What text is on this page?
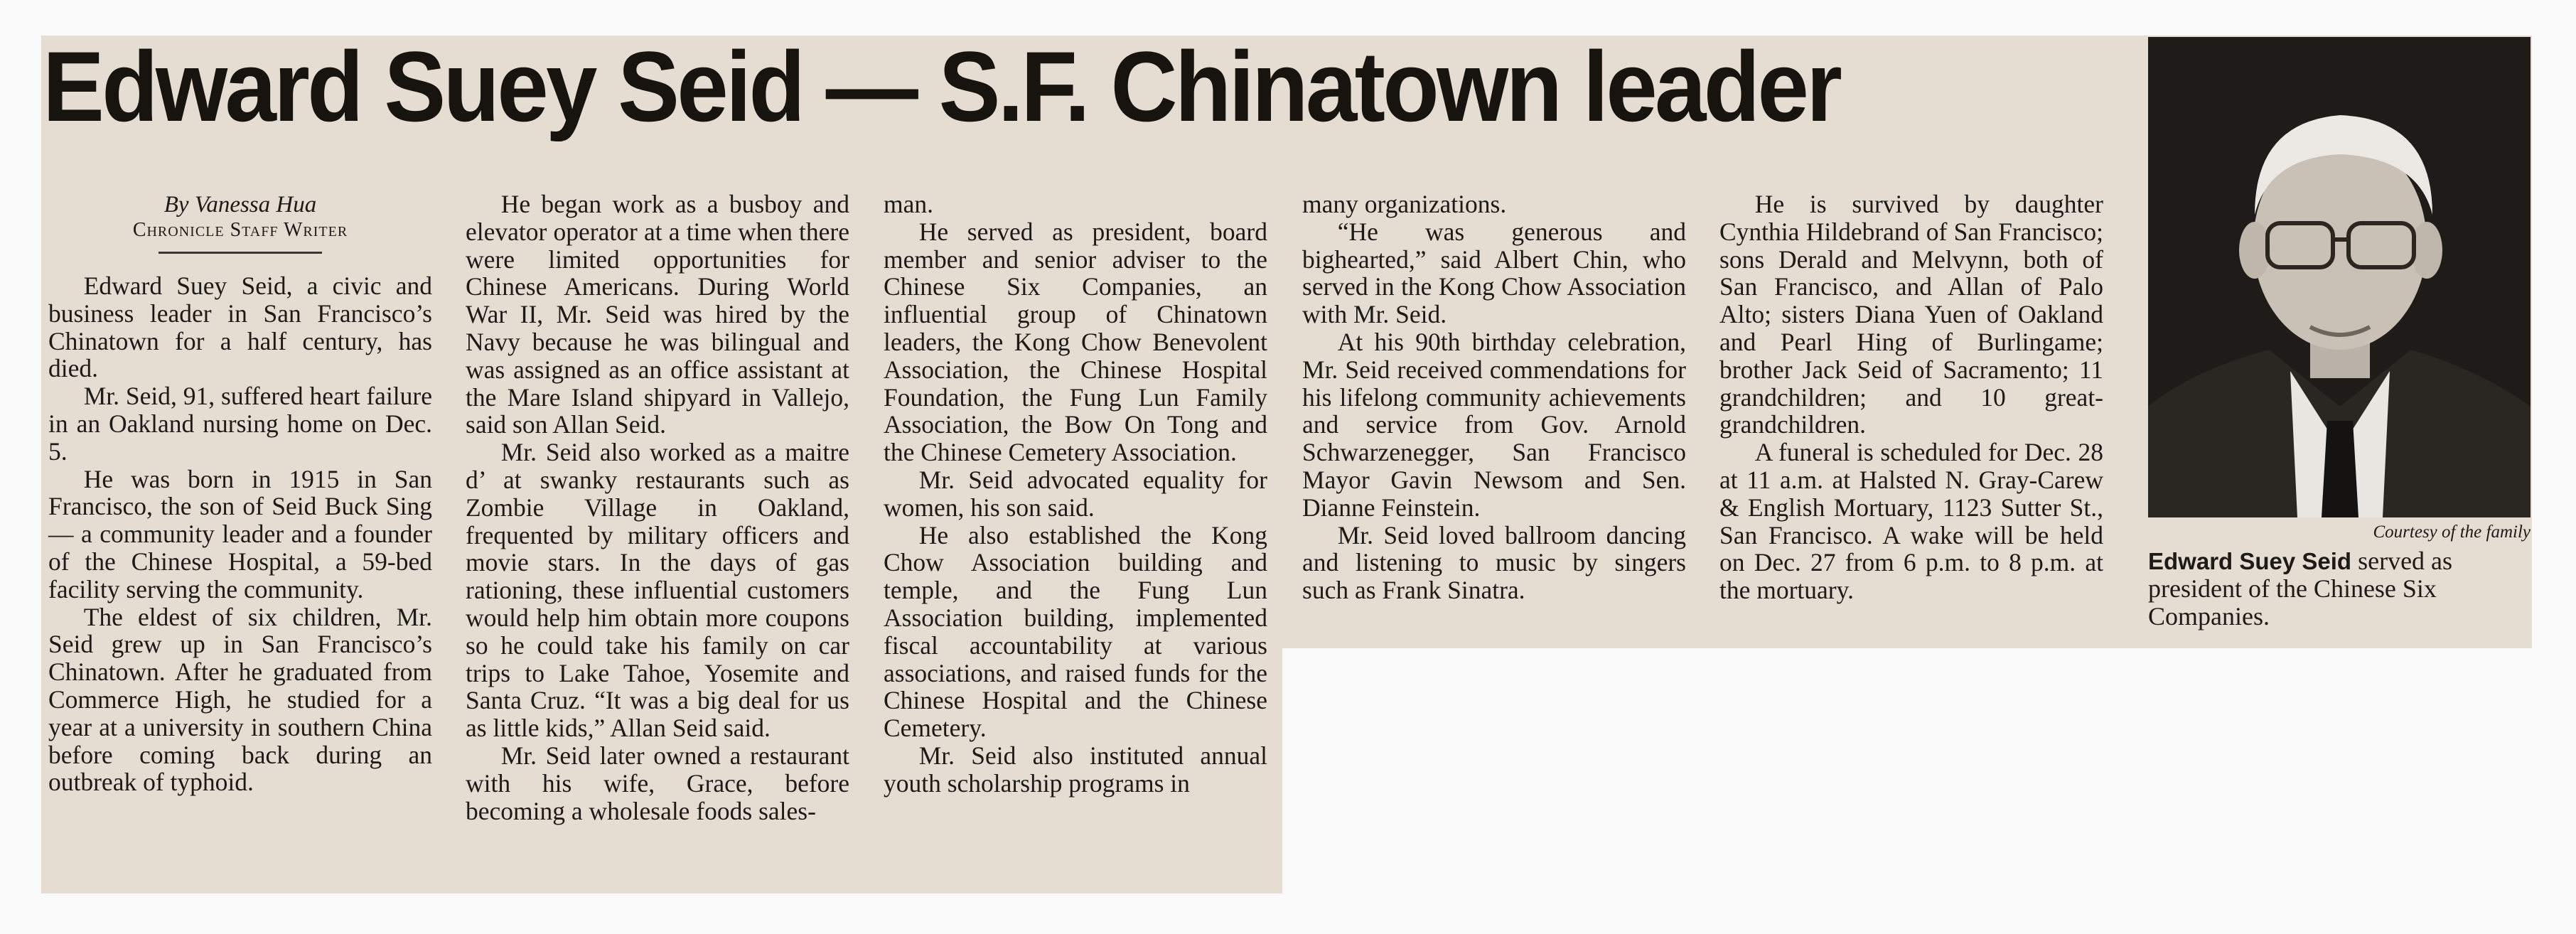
Edward Suey Seid — S.F. Chinatown leader
By Vanessa Hua
Chronicle Staff Writer

Edward Suey Seid, a civic and business leader in San Francisco’s Chinatown for a half century, has died.

Mr. Seid, 91, suffered heart failure in an Oakland nursing home on Dec. 5.

He was born in 1915 in San Francisco, the son of Seid Buck Sing — a community leader and a founder of the Chinese Hospital, a 59-bed facility serving the community.

The eldest of six children, Mr. Seid grew up in San Francisco’s Chinatown. After he graduated from Commerce High, he studied for a year at a university in southern China before coming back during an outbreak of typhoid.

He began work as a busboy and elevator operator at a time when there were limited opportunities for Chinese Americans. During World War II, Mr. Seid was hired by the Navy because he was bilingual and was assigned as an office assistant at the Mare Island shipyard in Vallejo, said son Allan Seid.

Mr. Seid also worked as a maitre d’ at swanky restaurants such as Zombie Village in Oakland, frequented by military officers and movie stars. In the days of gas rationing, these influential customers would help him obtain more coupons so he could take his family on car trips to Lake Tahoe, Yosemite and Santa Cruz. “It was a big deal for us as little kids,” Allan Seid said.

Mr. Seid later owned a restaurant with his wife, Grace, before becoming a wholesale foods sales-

man.

He served as president, board member and senior adviser to the Chinese Six Companies, an influential group of Chinatown leaders, the Kong Chow Benevolent Association, the Chinese Hospital Foundation, the Fung Lun Family Association, the Bow On Tong and the Chinese Cemetery Association.

Mr. Seid advocated equality for women, his son said.

He also established the Kong Chow Association building and temple, and the Fung Lun Association building, implemented fiscal accountability at various associations, and raised funds for the Chinese Hospital and the Chinese Cemetery.

Mr. Seid also instituted annual youth scholarship programs in

many organizations.

“He was generous and bighearted,” said Albert Chin, who served in the Kong Chow Association with Mr. Seid.

At his 90th birthday celebration, Mr. Seid received commendations for his lifelong community achievements and service from Gov. Arnold Schwarzenegger, San Francisco Mayor Gavin Newsom and Sen. Dianne Feinstein.

Mr. Seid loved ballroom dancing and listening to music by singers such as Frank Sinatra.

He is survived by daughter Cynthia Hildebrand of San Francisco; sons Derald and Melvynn, both of San Francisco, and Allan of Palo Alto; sisters Diana Yuen of Oakland and Pearl Hing of Burlingame; brother Jack Seid of Sacramento; 11 grandchildren; and 10 great-grandchildren.

A funeral is scheduled for Dec. 28 at 11 a.m. at Halsted N. Gray-Carew & English Mortuary, 1123 Sutter St., San Francisco. A wake will be held on Dec. 27 from 6 p.m. to 8 p.m. at the mortuary.

Courtesy of the family
Edward Suey Seid served as president of the Chinese Six Companies.
